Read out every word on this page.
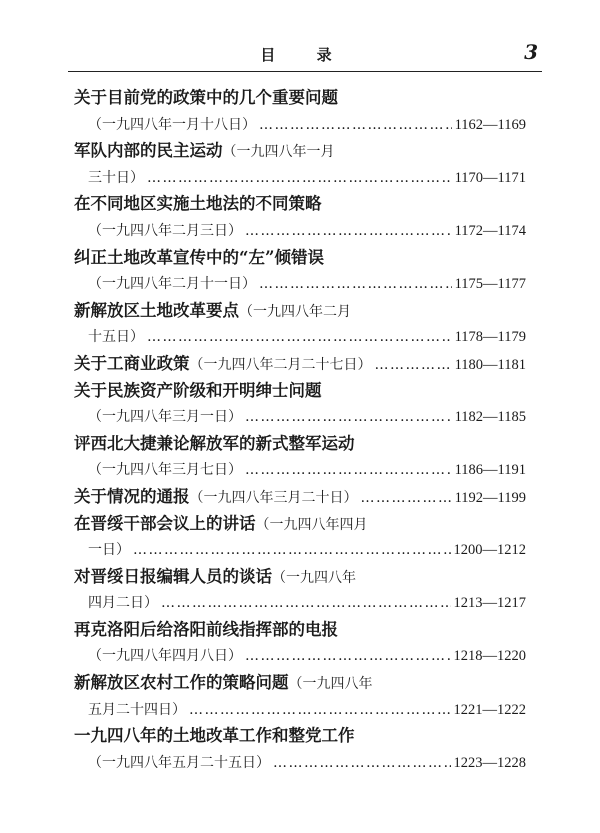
目 录	3
关于目前党的政策中的几个重要问题
（一九四八年一月十八日） ……………………………………………………………………………………………………………………	1162—1169
军队内部的民主运动（一九四八年一月
三十日） ……………………………………………………………………………………………………………………	1170—1171
在不同地区实施土地法的不同策略
（一九四八年二月三日） ……………………………………………………………………………………………………………………	1172—1174
纠正土地改革宣传中的“左”倾错误
（一九四八年二月十一日） ……………………………………………………………………………………………………………………	1175—1177
新解放区土地改革要点（一九四八年二月
十五日） ……………………………………………………………………………………………………………………	1178—1179
关于工商业政策 （一九四八年二月二十七日） ……………………………………………………………………………………………………………………	1180—1181
关于民族资产阶级和开明绅士问题
（一九四八年三月一日） ……………………………………………………………………………………………………………………	1182—1185
评西北大捷兼论解放军的新式整军运动
（一九四八年三月七日） ……………………………………………………………………………………………………………………	1186—1191
关于情况的通报 （一九四八年三月二十日） ……………………………………………………………………………………………………………………	1192—1199
在晋绥干部会议上的讲话（一九四八年四月
一日） ……………………………………………………………………………………………………………………	1200—1212
对晋绥日报编辑人员的谈话（一九四八年
四月二日） ……………………………………………………………………………………………………………………	1213—1217
再克洛阳后给洛阳前线指挥部的电报
（一九四八年四月八日） ……………………………………………………………………………………………………………………	1218—1220
新解放区农村工作的策略问题（一九四八年
五月二十四日） ……………………………………………………………………………………………………………………	1221—1222
一九四八年的土地改革工作和整党工作
（一九四八年五月二十五日） ……………………………………………………………………………………………………………………	1223—1228
